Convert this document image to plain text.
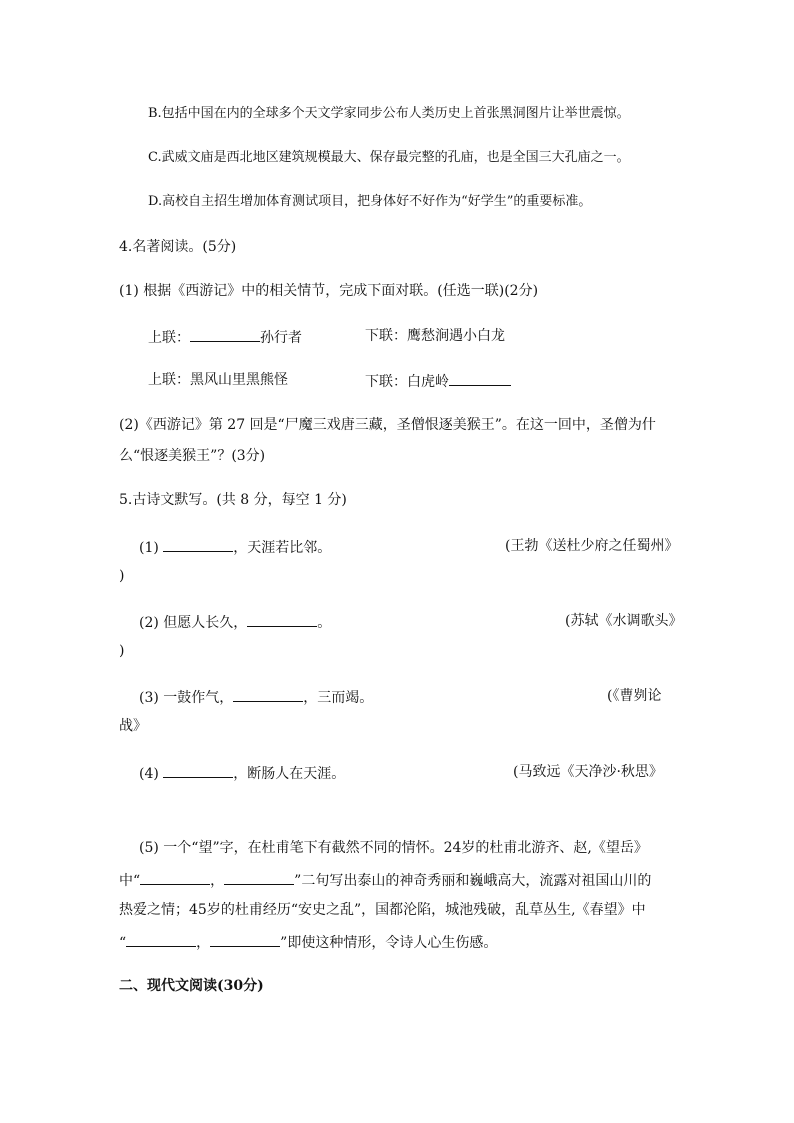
B.包括中国在内的全球多个天文学家同步公布人类历史上首张黑洞图片让举世震惊。
C.武威文庙是西北地区建筑规模最大、保存最完整的孔庙，也是全国三大孔庙之一。
D.高校自主招生增加体育测试项目，把身体好不好作为“好学生”的重要标准。
4.名著阅读。(5分)
(1) 根据《西游记》中的相关情节，完成下面对联。(任选一联)(2分)
上联：	孙行者	下联：鹰愁涧遇小白龙
上联：黑风山里黑熊怪	下联：白虎岭
(2)《西游记》第 27 回是“尸魔三戏唐三藏，圣僧恨逐美猴王”。在这一回中，圣僧为什
么“恨逐美猴王”？(3分)
5.古诗文默写。(共 8 分，每空 1 分)
(1)	，天涯若比邻。	(王勃《送杜少府之任蜀州》
)
(2) 但愿人长久，	。	(苏轼《水调歌头》
)
(3) 一鼓作气，	，三而竭。	(《曹刿论
战》
(4)	，断肠人在天涯。	(马致远《天净沙·秋思》
(5) 一个“望”字，在杜甫笔下有截然不同的情怀。24岁的杜甫北游齐、赵,《望岳》
中“	，	”二句写出泰山的神奇秀丽和巍峨高大，流露对祖国山川的
热爱之情；45岁的杜甫经历“安史之乱”，国都沦陷，城池残破，乱草丛生,《春望》中
“	，	”即使这种情形，令诗人心生伤感。
二、现代文阅读(30分)
